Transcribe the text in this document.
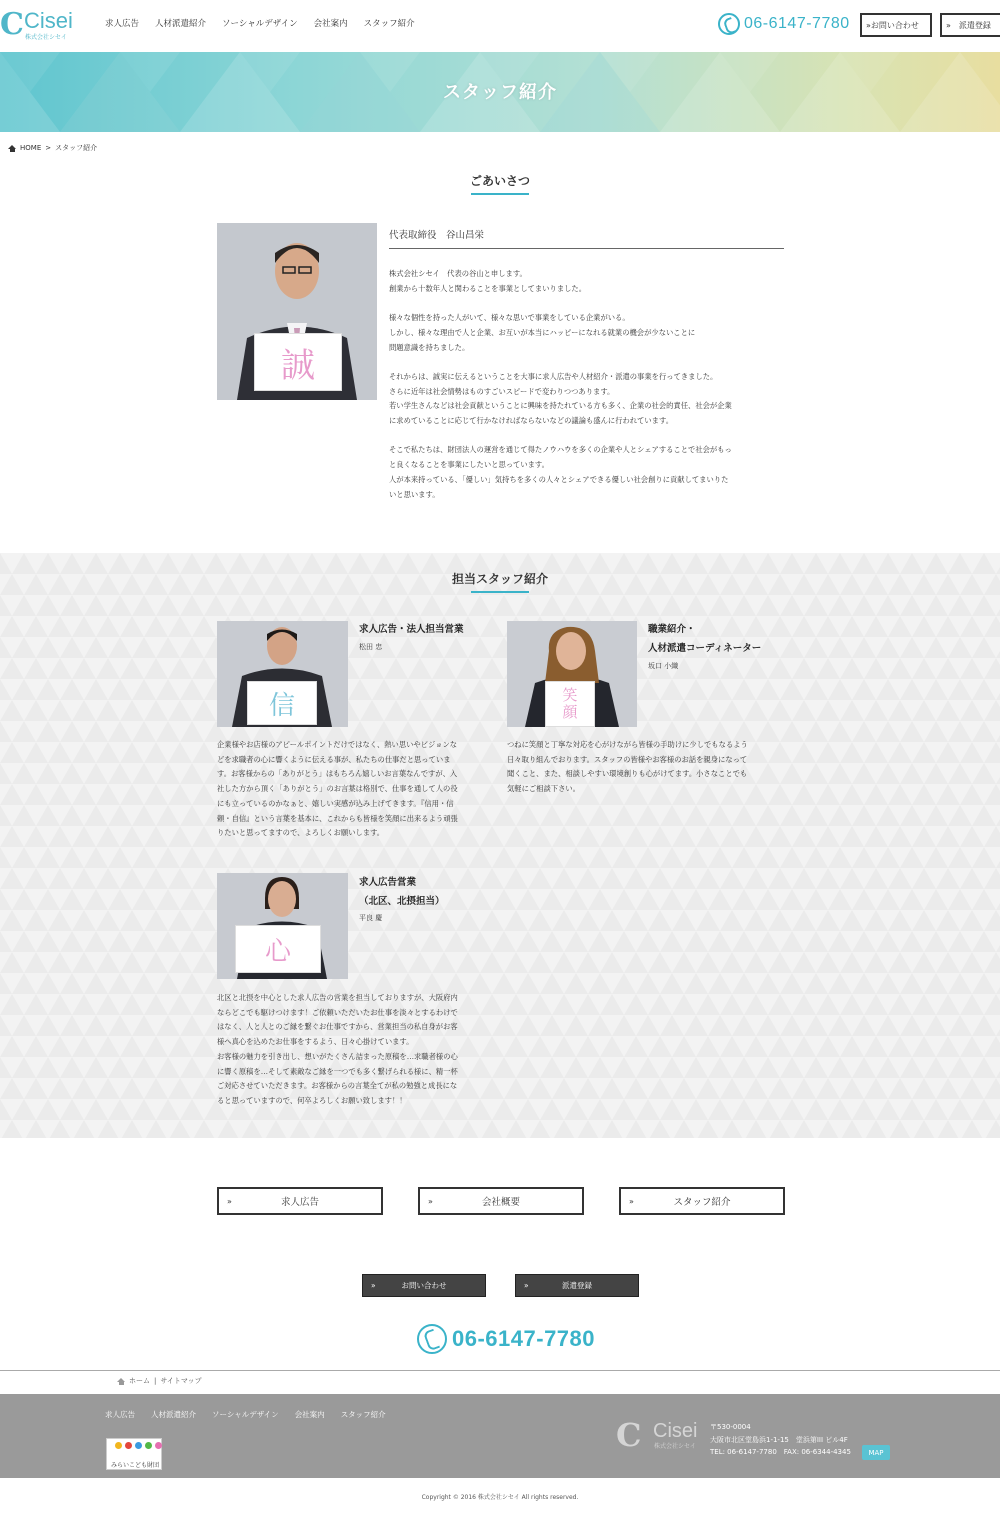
C Cisei
株式会社シセイ
求人広告 人材派遣紹介 ソーシャルデザイン 会社案内 スタッフ紹介	06-6147-7780	»お問い合わせ	»　派遣登録
スタッフ紹介
HOME > スタッフ紹介
ごあいさつ
誠
代表取締役　谷山昌栄

株式会社シセイ　代表の谷山と申します。
創業から十数年人と関わることを事業としてまいりました。

様々な個性を持った人がいて、様々な思いで事業をしている企業がいる。
しかし、様々な理由で人と企業、お互いが本当にハッピーになれる就業の機会が少ないことに
問題意識を持ちました。

それからは、誠実に伝えるということを大事に求人広告や人材紹介・派遣の事業を行ってきました。
さらに近年は社会情勢はものすごいスピードで変わりつつあります。
若い学生さんなどは社会貢献ということに興味を持たれている方も多く、企業の社会的責任、社会が企業
に求めていることに応じて行かなければならないなどの議論も盛んに行われています。

そこで私たちは、財団法人の運営を通じて得たノウハウを多くの企業や人とシェアすることで社会がもっ
と良くなることを事業にしたいと思っています。
人が本来持っている、「優しい」気持ちを多くの人々とシェアできる優しい社会創りに貢献してまいりた
いと思います。

担当スタッフ紹介
信
求人広告・法人担当営業
松田 忠
企業様やお店様のアピールポイントだけではなく、熱い思いやビジョンな
どを求職者の心に響くように伝える事が、私たちの仕事だと思っていま
す。お客様からの「ありがとう」はもちろん嬉しいお言葉なんですが、入
社した方から頂く「ありがとう」のお言葉は格別で、仕事を通して人の役
にも立っているのかなぁと、嬉しい実感が込み上げてきます。『信用・信
頼・自信』という言葉を基本に、これからも皆様を笑顔に出来るよう頑張
りたいと思ってますので、よろしくお願いします。
笑顔
職業紹介・
人材派遣コーディネーター
坂口 小織
つねに笑顔と丁寧な対応を心がけながら皆様の手助けに少しでもなるよう
日々取り組んでおります。スタッフの皆様やお客様のお話を親身になって
聞くこと、また、相談しやすい環境創りも心がけてます。小さなことでも
気軽にご相談下さい。
心
求人広告営業
（北区、北摂担当）
平良 慶
北区と北摂を中心とした求人広告の営業を担当しておりますが、大阪府内
ならどこでも駆けつけます！ご依頼いただいたお仕事を淡々とするわけで
はなく、人と人とのご縁を繋ぐお仕事ですから、営業担当の私自身がお客
様へ真心を込めたお仕事をするよう、日々心掛けています。
お客様の魅力を引き出し、想いがたくさん詰まった原稿を…求職者様の心
に響く原稿を…そして素敵なご縁を一つでも多く繋げられる様に、精一杯
ご対応させていただきます。お客様からの言葉全てが私の勉強と成長にな
ると思っていますので、何卒よろしくお願い致します！！
»	求人広告	»	会社概要	»	スタッフ紹介
»	お問い合わせ	»	派遣登録
06-6147-7780
ホーム | サイトマップ
求人広告 人材派遣紹介 ソーシャルデザイン 会社案内 スタッフ紹介
みらいこども財団
C Cisei
株式会社シセイ
〒530-0004
大阪市北区堂島浜1-1-15　堂浜第III ビル4F
TEL: 06-6147-7780　FAX: 06-6344-4345	MAP
Copyright © 2016 株式会社シセイ All rights reserved.
